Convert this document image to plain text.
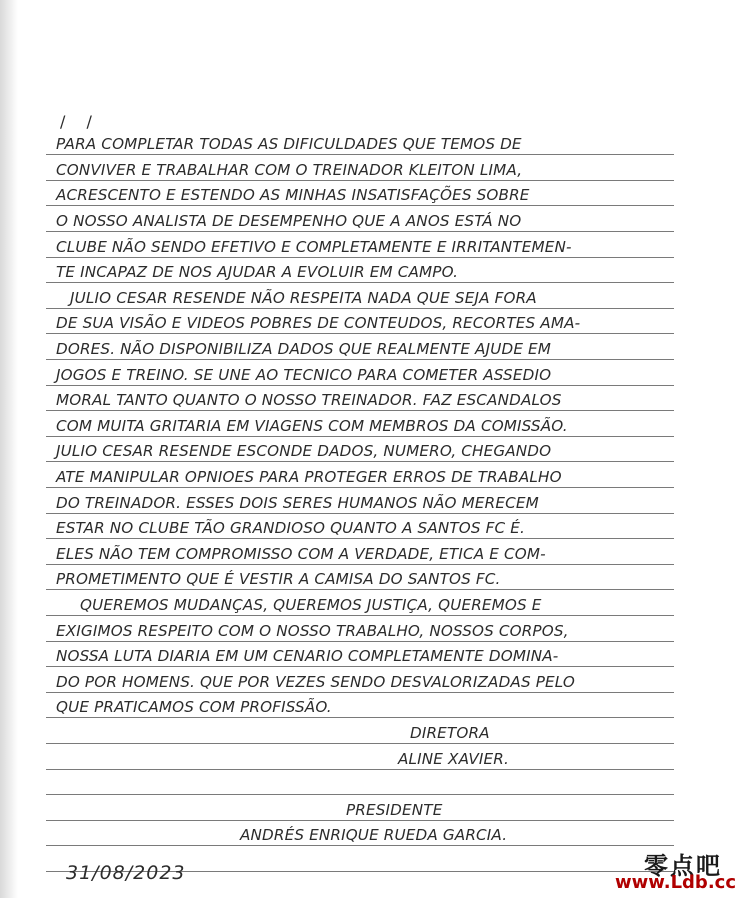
/ /
PARA COMPLETAR TODAS AS DIFICULDADES QUE TEMOS DE
CONVIVER E TRABALHAR COM O TREINADOR KLEITON LIMA,
ACRESCENTO E ESTENDO AS MINHAS INSATISFAÇÕES SOBRE
O NOSSO ANALISTA DE DESEMPENHO QUE A ANOS ESTÁ NO
CLUBE NÃO SENDO EFETIVO E COMPLETAMENTE E IRRITANTEMEN-
TE INCAPAZ DE NOS AJUDAR A EVOLUIR EM CAMPO.
JULIO CESAR RESENDE NÃO RESPEITA NADA QUE SEJA FORA
DE SUA VISÃO E VIDEOS POBRES DE CONTEUDOS, RECORTES AMA-
DORES. NÃO DISPONIBILIZA DADOS QUE REALMENTE AJUDE EM
JOGOS E TREINO. SE UNE AO TECNICO PARA COMETER ASSEDIO
MORAL TANTO QUANTO O NOSSO TREINADOR. FAZ ESCANDALOS
COM MUITA GRITARIA EM VIAGENS COM MEMBROS DA COMISSÃO.
JULIO CESAR RESENDE ESCONDE DADOS, NUMERO, CHEGANDO
ATE MANIPULAR OPNIOES PARA PROTEGER ERROS DE TRABALHO
DO TREINADOR. ESSES DOIS SERES HUMANOS NÃO MERECEM
ESTAR NO CLUBE TÃO GRANDIOSO QUANTO A SANTOS FC É.
ELES NÃO TEM COMPROMISSO COM A VERDADE, ETICA E COM-
PROMETIMENTO QUE É VESTIR A CAMISA DO SANTOS FC.
QUEREMOS MUDANÇAS, QUEREMOS JUSTIÇA, QUEREMOS E
EXIGIMOS RESPEITO COM O NOSSO TRABALHO, NOSSOS CORPOS,
NOSSA LUTA DIARIA EM UM CENARIO COMPLETAMENTE DOMINA-
DO POR HOMENS. QUE POR VEZES SENDO DESVALORIZADAS PELO
QUE PRATICAMOS COM PROFISSÃO.
DIRETORA
ALINE XAVIER.
PRESIDENTE
ANDRÉS ENRIQUE RUEDA GARCIA.
31/08/2023	零点吧
www.Ldb.cc
